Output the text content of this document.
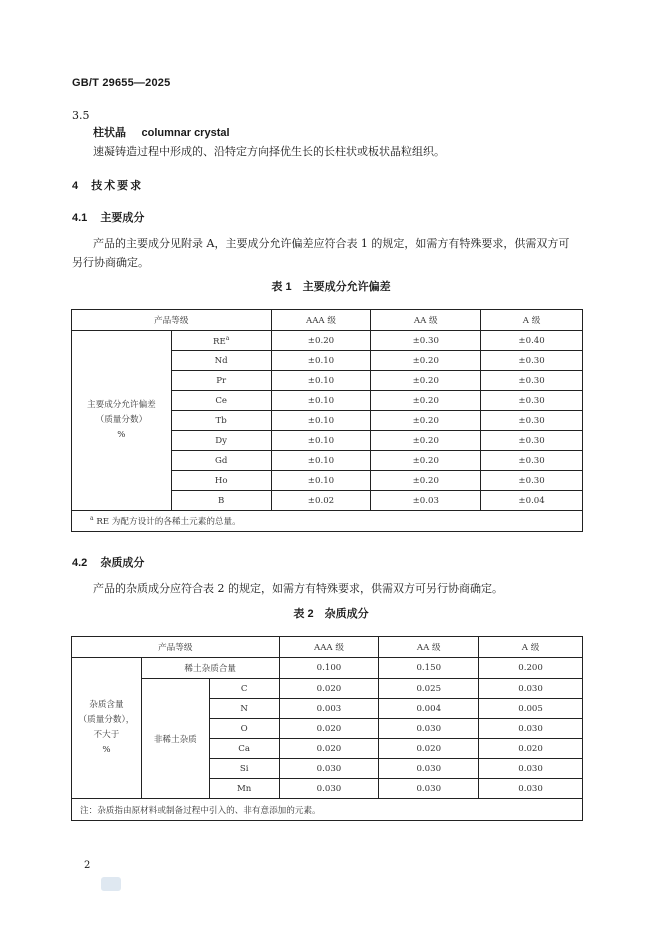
GB/T 29655—2025
3.5
柱状晶 columnar crystal
速凝铸造过程中形成的、沿特定方向择优生长的长柱状或板状晶粒组织。
4 技术要求
4.1 主要成分
产品的主要成分见附录 A，主要成分允许偏差应符合表 1 的规定，如需方有特殊要求，供需双方可
另行协商确定。
表 1　主要成分允许偏差
产品等级		AAA 级	AA 级	A 级

主要成分允许偏差
（质量分数）
%	$RE^a$	±0.20	±0.30	±0.40
	Nd	±0.10	±0.20	±0.30
	Pr	±0.10	±0.20	±0.30
	Ce	±0.10	±0.20	±0.30
	Tb	±0.10	±0.20	±0.30
	Dy	±0.10	±0.20	±0.30
	Gd	±0.10	±0.20	±0.30
	Ho	±0.10	±0.20	±0.30
	B	±0.02	±0.03	±0.04
$^a$ RE 为配方设计的各稀土元素的总量。				
4.2 杂质成分
产品的杂质成分应符合表 2 的规定，如需方有特殊要求，供需双方可另行协商确定。
表 2　杂质成分
产品等级			AAA 级	AA 级	A 级

杂质含量
（质量分数），
不大于
%	稀土杂质合量		0.100	0.150	0.200
	非稀土杂质	C	0.020	0.025	0.030
		N	0.003	0.004	0.005
		O	0.020	0.030	0.030
		Ca	0.020	0.020	0.020
		Si	0.030	0.030	0.030
		Mn	0.030	0.030	0.030
注：杂质指由原材料或制备过程中引入的、非有意添加的元素。					
2
